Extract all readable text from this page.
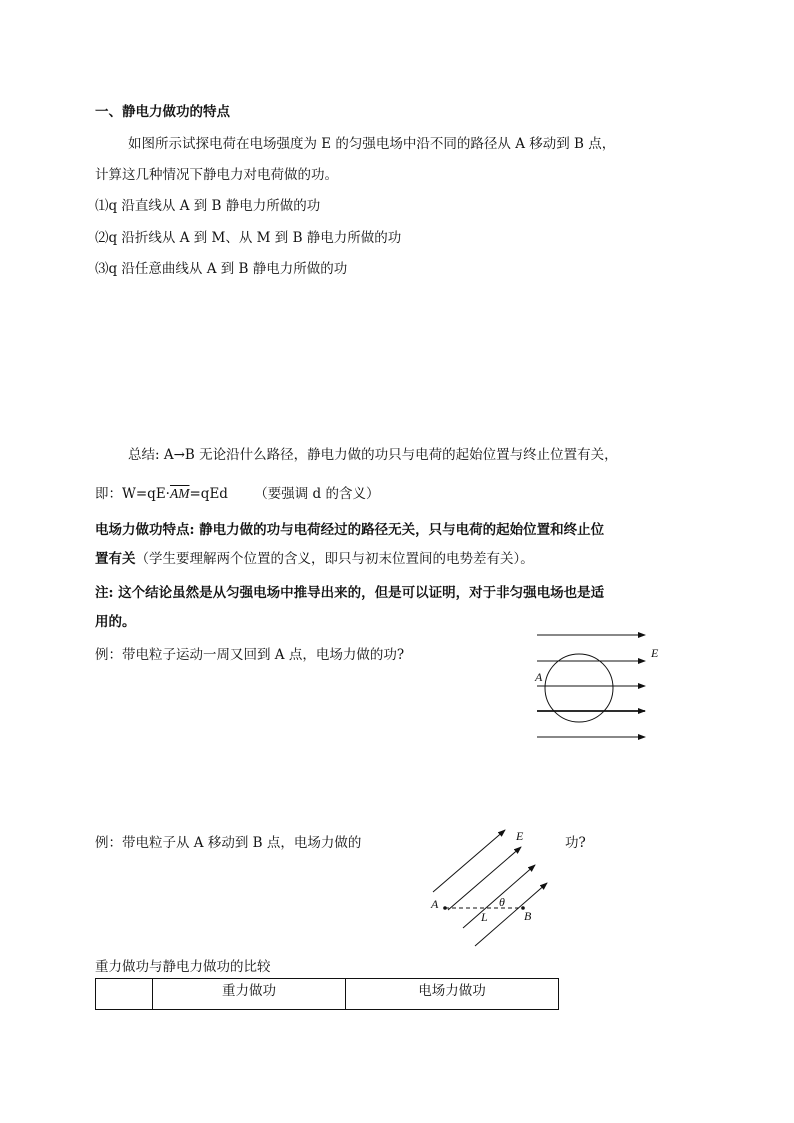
一、静电力做功的特点
如图所示试探电荷在电场强度为 E 的匀强电场中沿不同的路径从 A 移动到 B 点，
计算这几种情况下静电力对电荷做的功。
⑴q 沿直线从 A 到 B 静电力所做的功
⑵q 沿折线从 A 到 M、从 M 到 B 静电力所做的功
⑶q 沿任意曲线从 A 到 B 静电力所做的功
总结: A→B 无论沿什么路径，静电力做的功只与电荷的起始位置与终止位置有关，
即：$W=qE\cdot\overline{AM}=qEd$ （要强调 d 的含义）
电场力做功特点: 静电力做的功与电荷经过的路径无关，只与电荷的起始位置和终止位
置有关（学生要理解两个位置的含义，即只与初末位置间的电势差有关）。
注: 这个结论虽然是从匀强电场中推导出来的，但是可以证明，对于非匀强电场也是适
用的。
例：带电粒子运动一周又回到 A 点，电场力做的功?	E
A
例：带电粒子从 A 移动到 B 点，电场力做的	功?
E
A
B
L
θ
重力做功与静电力做功的比较
	重力做功	电场力做功
